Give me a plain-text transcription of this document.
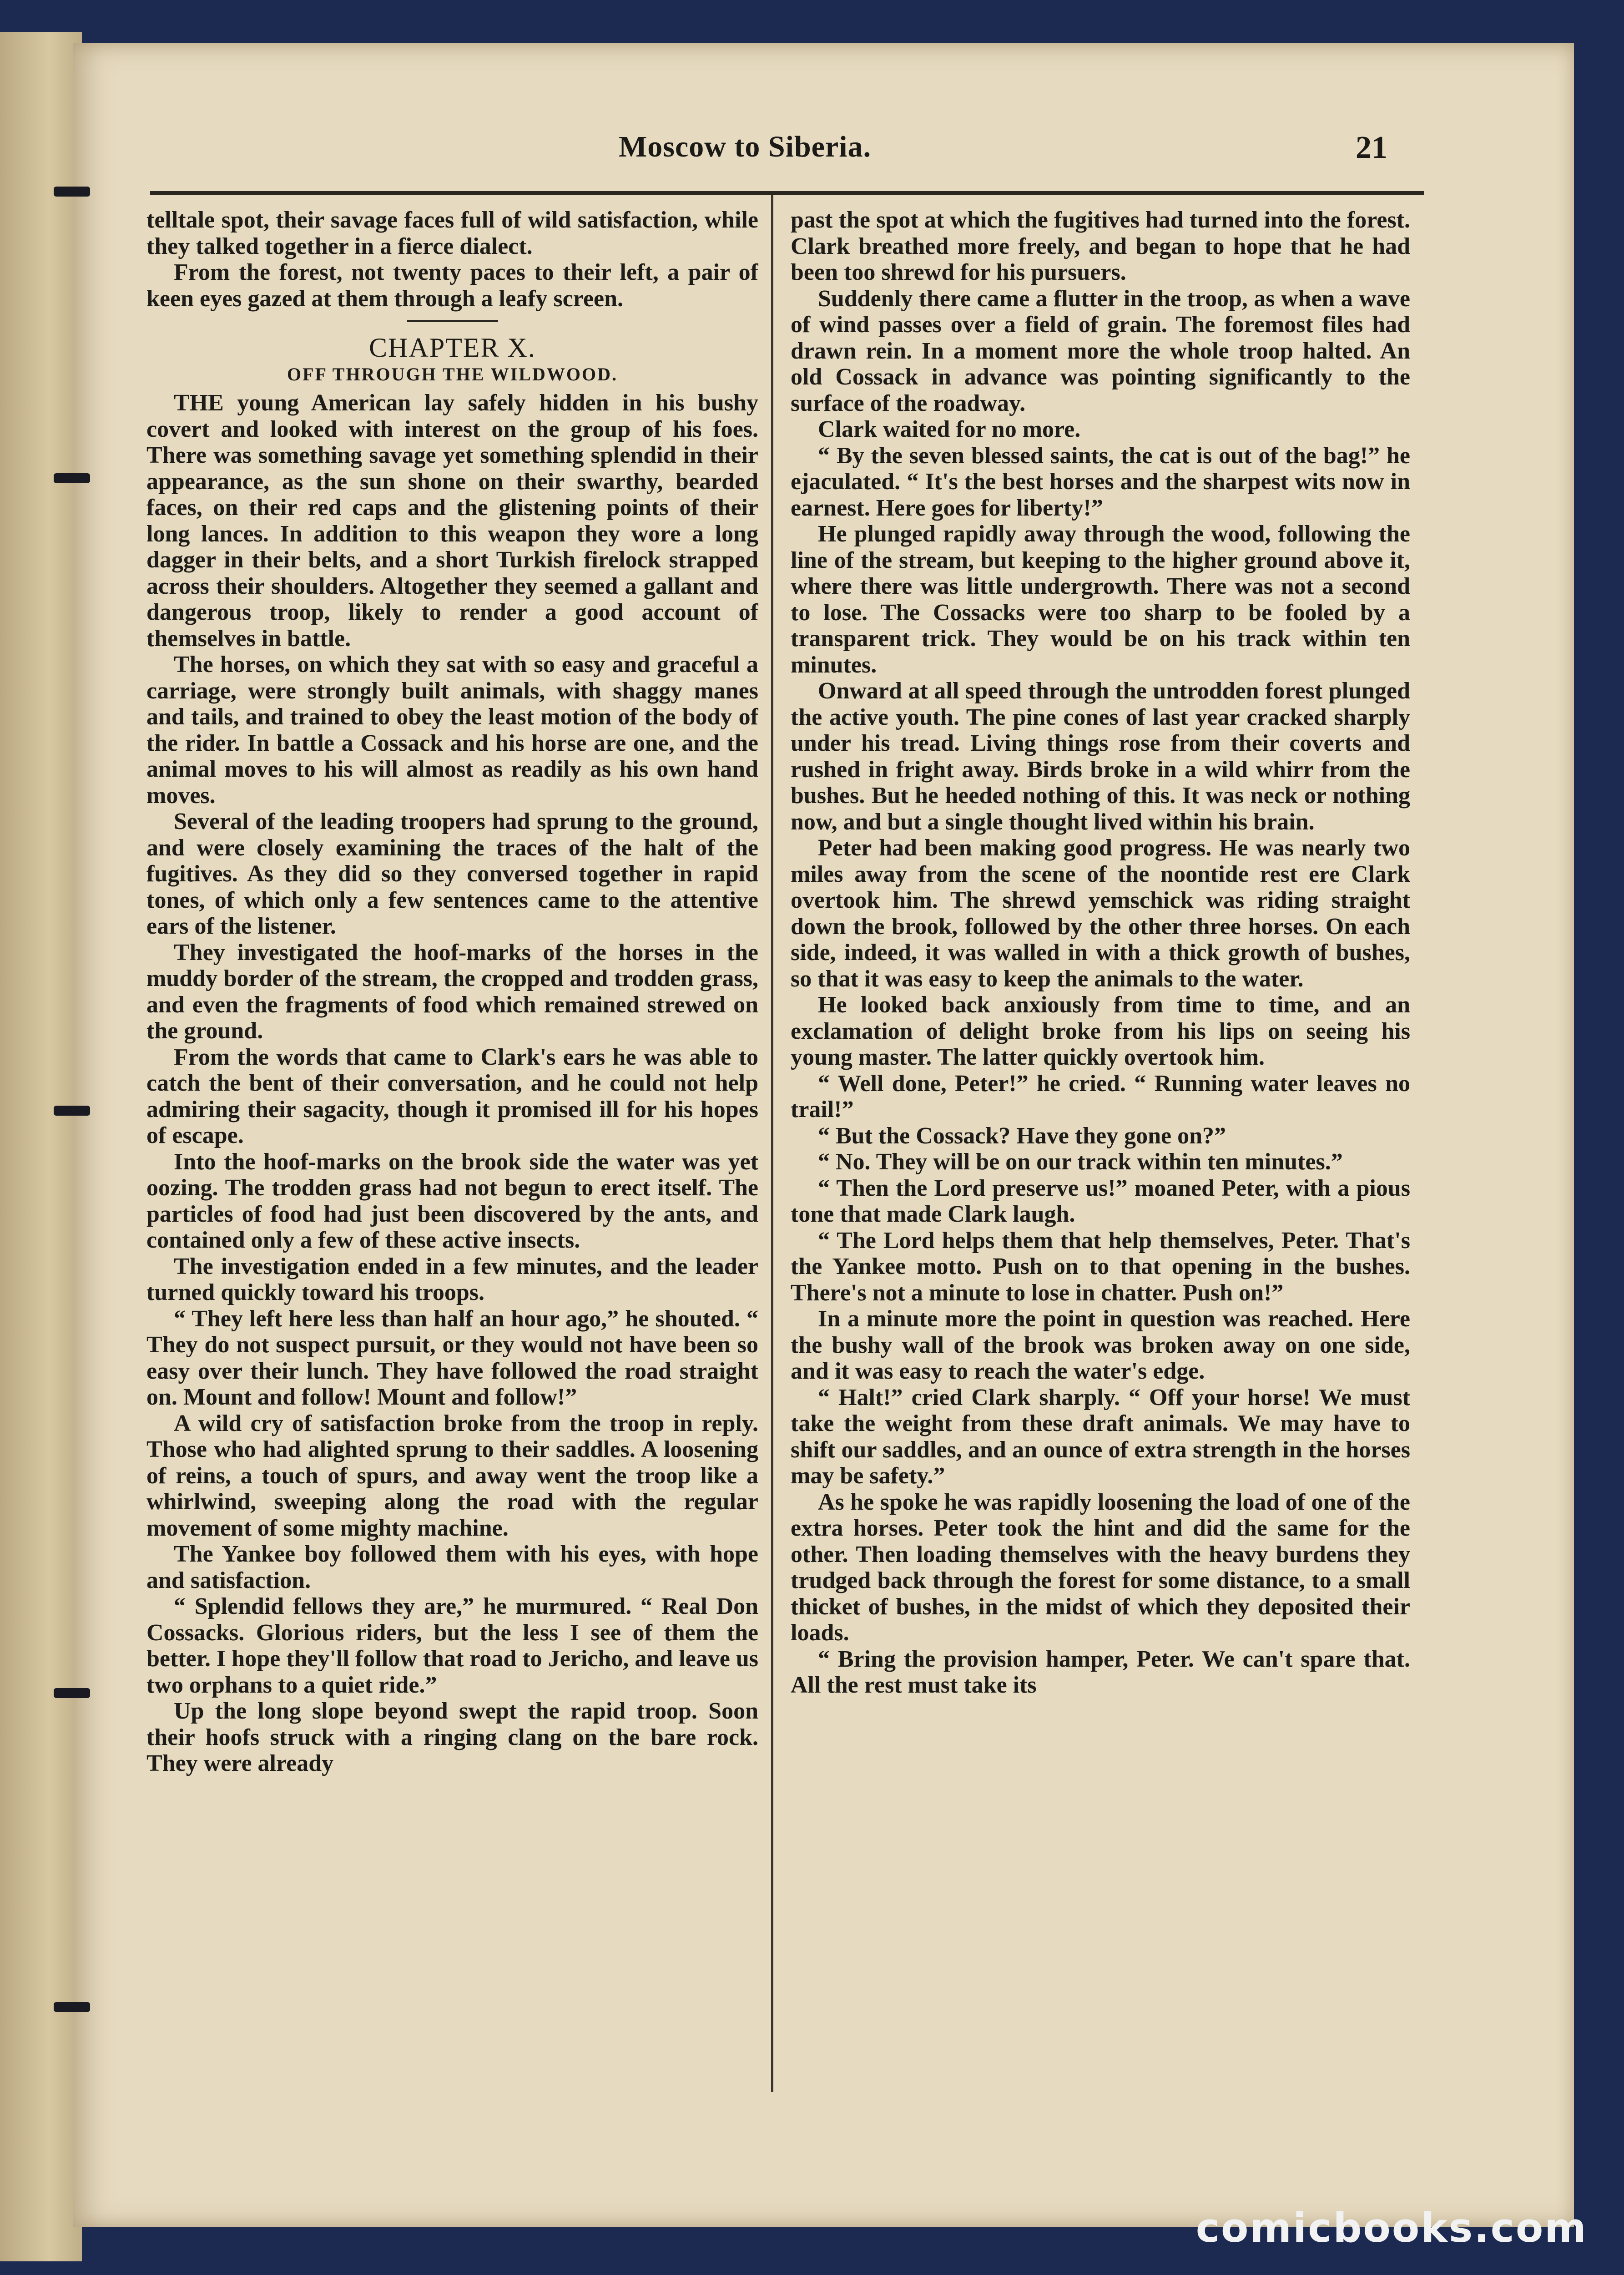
Moscow to Siberia.	21

telltale spot, their savage faces full of wild satisfaction, while they talked together in a fierce dialect.

From the forest, not twenty paces to their left, a pair of keen eyes gazed at them through a leafy screen.

CHAPTER X.
OFF THROUGH THE WILDWOOD.

THE young American lay safely hidden in his bushy covert and looked with interest on the group of his foes. There was something savage yet something splendid in their appearance, as the sun shone on their swarthy, bearded faces, on their red caps and the glistening points of their long lances. In addition to this weapon they wore a long dagger in their belts, and a short Turkish firelock strapped across their shoulders. Altogether they seemed a gallant and dangerous troop, likely to render a good account of themselves in battle.

The horses, on which they sat with so easy and graceful a carriage, were strongly built animals, with shaggy manes and tails, and trained to obey the least motion of the body of the rider. In battle a Cossack and his horse are one, and the animal moves to his will almost as readily as his own hand moves.

Several of the leading troopers had sprung to the ground, and were closely examining the traces of the halt of the fugitives. As they did so they conversed together in rapid tones, of which only a few sentences came to the attentive ears of the listener.

They investigated the hoof-marks of the horses in the muddy border of the stream, the cropped and trodden grass, and even the fragments of food which remained strewed on the ground.

From the words that came to Clark's ears he was able to catch the bent of their conversation, and he could not help admiring their sagacity, though it promised ill for his hopes of escape.

Into the hoof-marks on the brook side the water was yet oozing. The trodden grass had not begun to erect itself. The particles of food had just been discovered by the ants, and contained only a few of these active insects.

The investigation ended in a few minutes, and the leader turned quickly toward his troops.

“ They left here less than half an hour ago,” he shouted. “ They do not suspect pursuit, or they would not have been so easy over their lunch. They have followed the road straight on. Mount and follow! Mount and follow!”

A wild cry of satisfaction broke from the troop in reply. Those who had alighted sprung to their saddles. A loosening of reins, a touch of spurs, and away went the troop like a whirlwind, sweeping along the road with the regular movement of some mighty machine.

The Yankee boy followed them with his eyes, with hope and satisfaction.

“ Splendid fellows they are,” he murmured. “ Real Don Cossacks. Glorious riders, but the less I see of them the better. I hope they'll follow that road to Jericho, and leave us two orphans to a quiet ride.”

Up the long slope beyond swept the rapid troop. Soon their hoofs struck with a ringing clang on the bare rock. They were already

past the spot at which the fugitives had turned into the forest. Clark breathed more freely, and began to hope that he had been too shrewd for his pursuers.

Suddenly there came a flutter in the troop, as when a wave of wind passes over a field of grain. The foremost files had drawn rein. In a moment more the whole troop halted. An old Cossack in advance was pointing significantly to the surface of the roadway.

Clark waited for no more.

“ By the seven blessed saints, the cat is out of the bag!” he ejaculated. “ It's the best horses and the sharpest wits now in earnest. Here goes for liberty!”

He plunged rapidly away through the wood, following the line of the stream, but keeping to the higher ground above it, where there was little undergrowth. There was not a second to lose. The Cossacks were too sharp to be fooled by a transparent trick. They would be on his track within ten minutes.

Onward at all speed through the untrodden forest plunged the active youth. The pine cones of last year cracked sharply under his tread. Living things rose from their coverts and rushed in fright away. Birds broke in a wild whirr from the bushes. But he heeded nothing of this. It was neck or nothing now, and but a single thought lived within his brain.

Peter had been making good progress. He was nearly two miles away from the scene of the noontide rest ere Clark overtook him. The shrewd yemschick was riding straight down the brook, followed by the other three horses. On each side, indeed, it was walled in with a thick growth of bushes, so that it was easy to keep the animals to the water.

He looked back anxiously from time to time, and an exclamation of delight broke from his lips on seeing his young master. The latter quickly overtook him.

“ Well done, Peter!” he cried. “ Running water leaves no trail!”

“ But the Cossack? Have they gone on?”

“ No. They will be on our track within ten minutes.”

“ Then the Lord preserve us!” moaned Peter, with a pious tone that made Clark laugh.

“ The Lord helps them that help themselves, Peter. That's the Yankee motto. Push on to that opening in the bushes. There's not a minute to lose in chatter. Push on!”

In a minute more the point in question was reached. Here the bushy wall of the brook was broken away on one side, and it was easy to reach the water's edge.

“ Halt!” cried Clark sharply. “ Off your horse! We must take the weight from these draft animals. We may have to shift our saddles, and an ounce of extra strength in the horses may be safety.”

As he spoke he was rapidly loosening the load of one of the extra horses. Peter took the hint and did the same for the other. Then loading themselves with the heavy burdens they trudged back through the forest for some distance, to a small thicket of bushes, in the midst of which they deposited their loads.

“ Bring the provision hamper, Peter. We can't spare that. All the rest must take its

comicbooks.com
